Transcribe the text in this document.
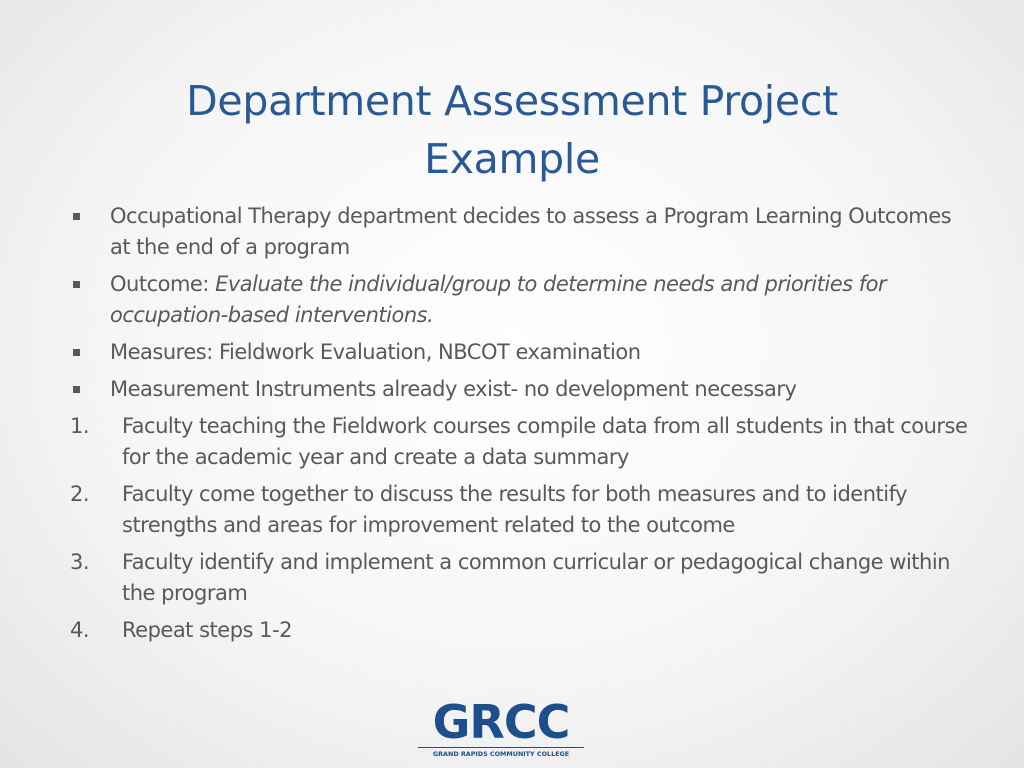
Department Assessment Project
Example
Occupational Therapy department decides to assess a Program Learning Outcomes at the end of a program
Outcome: Evaluate the individual/group to determine needs and priorities for occupation-based interventions.
Measures: Fieldwork Evaluation, NBCOT examination
Measurement Instruments already exist- no development necessary
1. Faculty teaching the Fieldwork courses compile data from all students in that course for the academic year and create a data summary
2. Faculty come together to discuss the results for both measures and to identify strengths and areas for improvement related to the outcome
3. Faculty identify and implement a common curricular or pedagogical change within the program
4. Repeat steps 1-2
GRCC
GRAND RAPIDS COMMUNITY COLLEGE
